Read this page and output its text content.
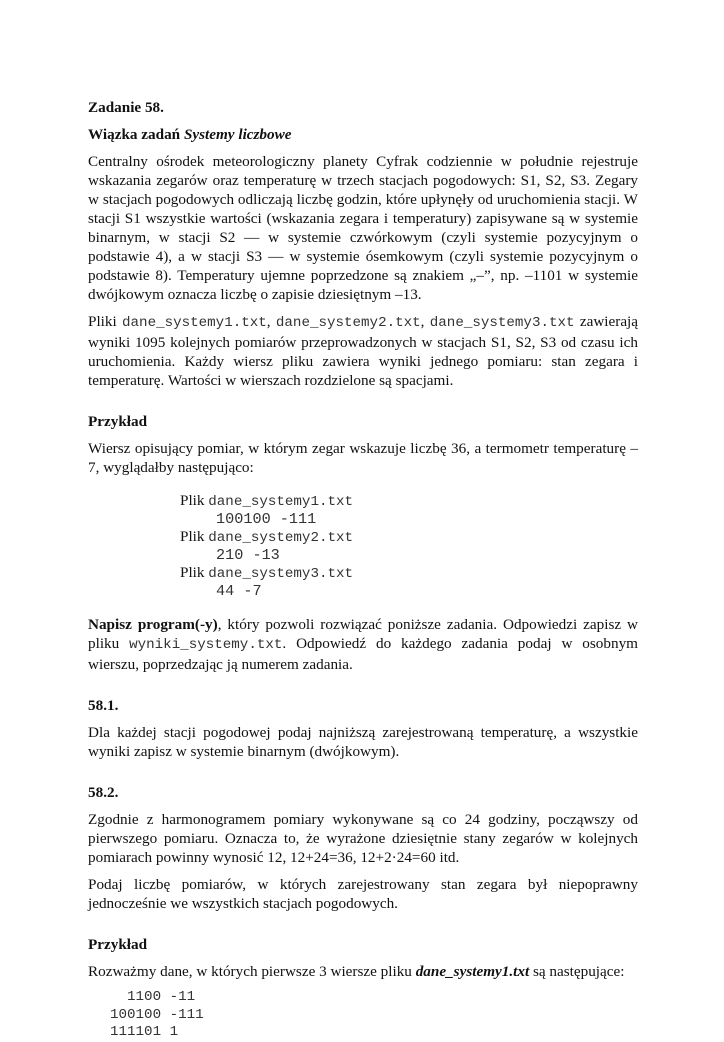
Zadanie 58.

Wiązka zadań Systemy liczbowe

Centralny ośrodek meteorologiczny planety Cyfrak codziennie w południe rejestruje wskazania zegarów oraz temperaturę w trzech stacjach pogodowych: S1, S2, S3. Zegary w stacjach pogodowych odliczają liczbę godzin, które upłynęły od uruchomienia stacji. W stacji S1 wszystkie wartości (wskazania zegara i temperatury) zapisywane są w systemie binarnym, w stacji S2 — w systemie czwórkowym (czyli systemie pozycyjnym o podstawie 4), a w stacji S3 — w systemie ósemkowym (czyli systemie pozycyjnym o podstawie 8). Temperatury ujemne poprzedzone są znakiem „–”, np. –1101 w systemie dwójkowym oznacza liczbę o zapisie dziesiętnym –13.

Pliki dane_systemy1.txt, dane_systemy2.txt, dane_systemy3.txt zawierają wyniki 1095 kolejnych pomiarów przeprowadzonych w stacjach S1, S2, S3 od czasu ich uruchomienia. Każdy wiersz pliku zawiera wyniki jednego pomiaru: stan zegara i temperaturę. Wartości w wierszach rozdzielone są spacjami.

Przykład

Wiersz opisujący pomiar, w którym zegar wskazuje liczbę 36, a termometr temperaturę –7, wyglądałby następująco:

Plik dane_systemy1.txt
100100 -111
Plik dane_systemy2.txt
210 -13
Plik dane_systemy3.txt
44 -7

Napisz program(-y), który pozwoli rozwiązać poniższe zadania. Odpowiedzi zapisz w pliku wyniki_systemy.txt. Odpowiedź do każdego zadania podaj w osobnym wierszu, poprzedzając ją numerem zadania.

58.1.

Dla każdej stacji pogodowej podaj najniższą zarejestrowaną temperaturę, a wszystkie wyniki zapisz w systemie binarnym (dwójkowym).

58.2.

Zgodnie z harmonogramem pomiary wykonywane są co 24 godziny, począwszy od pierwszego pomiaru. Oznacza to, że wyrażone dziesiętnie stany zegarów w kolejnych pomiarach powinny wynosić 12, 12+24=36, 12+2·24=60 itd.

Podaj liczbę pomiarów, w których zarejestrowany stan zegara był niepoprawny jednocześnie we wszystkich stacjach pogodowych.

Przykład

Rozważmy dane, w których pierwsze 3 wiersze pliku dane_systemy1.txt są następujące:

1100 -11
100100 -111
111101 1
